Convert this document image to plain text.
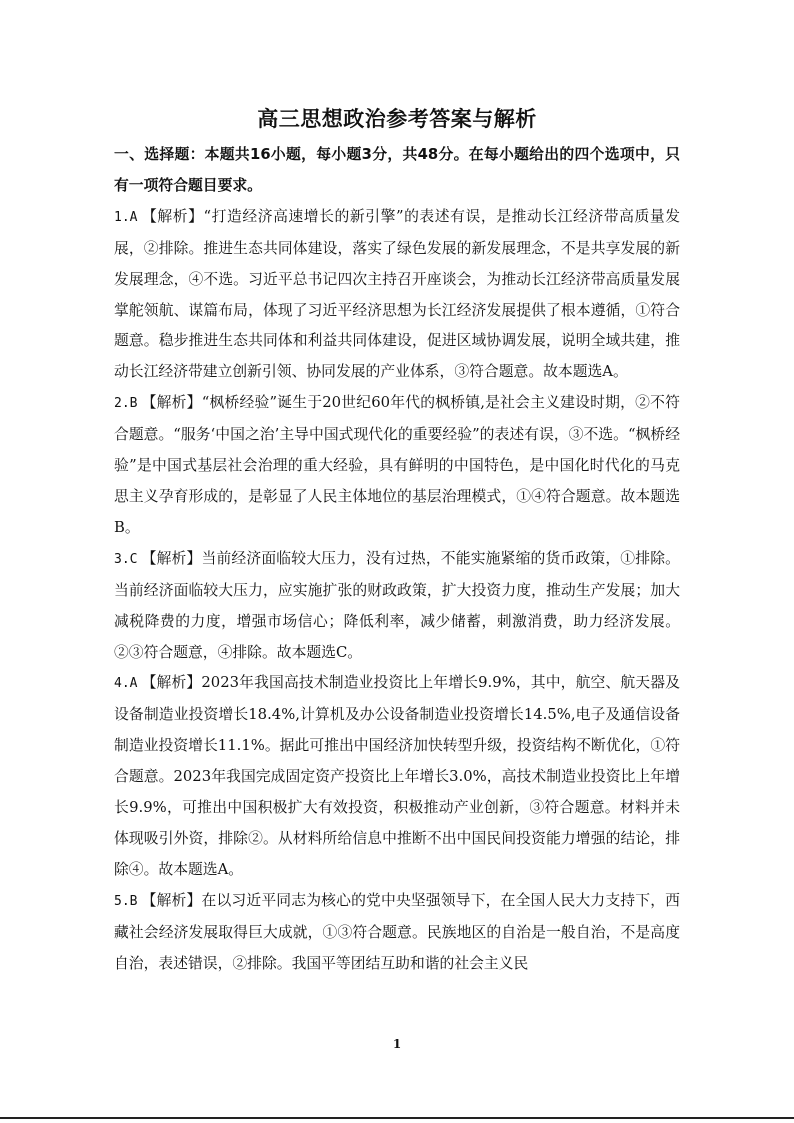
高三思想政治参考答案与解析
一、选择题：本题共16小题，每小题3分，共48分。在每小题给出的四个选项中，只有一项符合题目要求。

1.A 【解析】“打造经济高速增长的新引擎”的表述有误，是推动长江经济带高质量发展，②排除。推进生态共同体建设，落实了绿色发展的新发展理念，不是共享发展的新发展理念，④不选。习近平总书记四次主持召开座谈会，为推动长江经济带高质量发展掌舵领航、谋篇布局，体现了习近平经济思想为长江经济发展提供了根本遵循，①符合题意。稳步推进生态共同体和利益共同体建设，促进区域协调发展，说明全域共建，推动长江经济带建立创新引领、协同发展的产业体系，③符合题意。故本题选A。

2.B 【解析】“枫桥经验”诞生于20世纪60年代的枫桥镇,是社会主义建设时期，②不符合题意。“服务‘中国之治’主导中国式现代化的重要经验”的表述有误，③不选。“枫桥经验”是中国式基层社会治理的重大经验，具有鲜明的中国特色，是中国化时代化的马克思主义孕育形成的，是彰显了人民主体地位的基层治理模式，①④符合题意。故本题选B。

3.C 【解析】当前经济面临较大压力，没有过热，不能实施紧缩的货币政策，①排除。当前经济面临较大压力，应实施扩张的财政政策，扩大投资力度，推动生产发展；加大减税降费的力度，增强市场信心；降低利率，减少储蓄，刺激消费，助力经济发展。②③符合题意，④排除。故本题选C。

4.A 【解析】2023年我国高技术制造业投资比上年增长9.9%，其中，航空、航天器及设备制造业投资增长18.4%,计算机及办公设备制造业投资增长14.5%,电子及通信设备制造业投资增长11.1%。据此可推出中国经济加快转型升级，投资结构不断优化，①符合题意。2023年我国完成固定资产投资比上年增长3.0%，高技术制造业投资比上年增长9.9%，可推出中国积极扩大有效投资，积极推动产业创新，③符合题意。材料并未体现吸引外资，排除②。从材料所给信息中推断不出中国民间投资能力增强的结论，排除④。故本题选A。

5.B 【解析】在以习近平同志为核心的党中央坚强领导下，在全国人民大力支持下，西藏社会经济发展取得巨大成就，①③符合题意。民族地区的自治是一般自治，不是高度自治，表述错误，②排除。我国平等团结互助和谐的社会主义民

1
